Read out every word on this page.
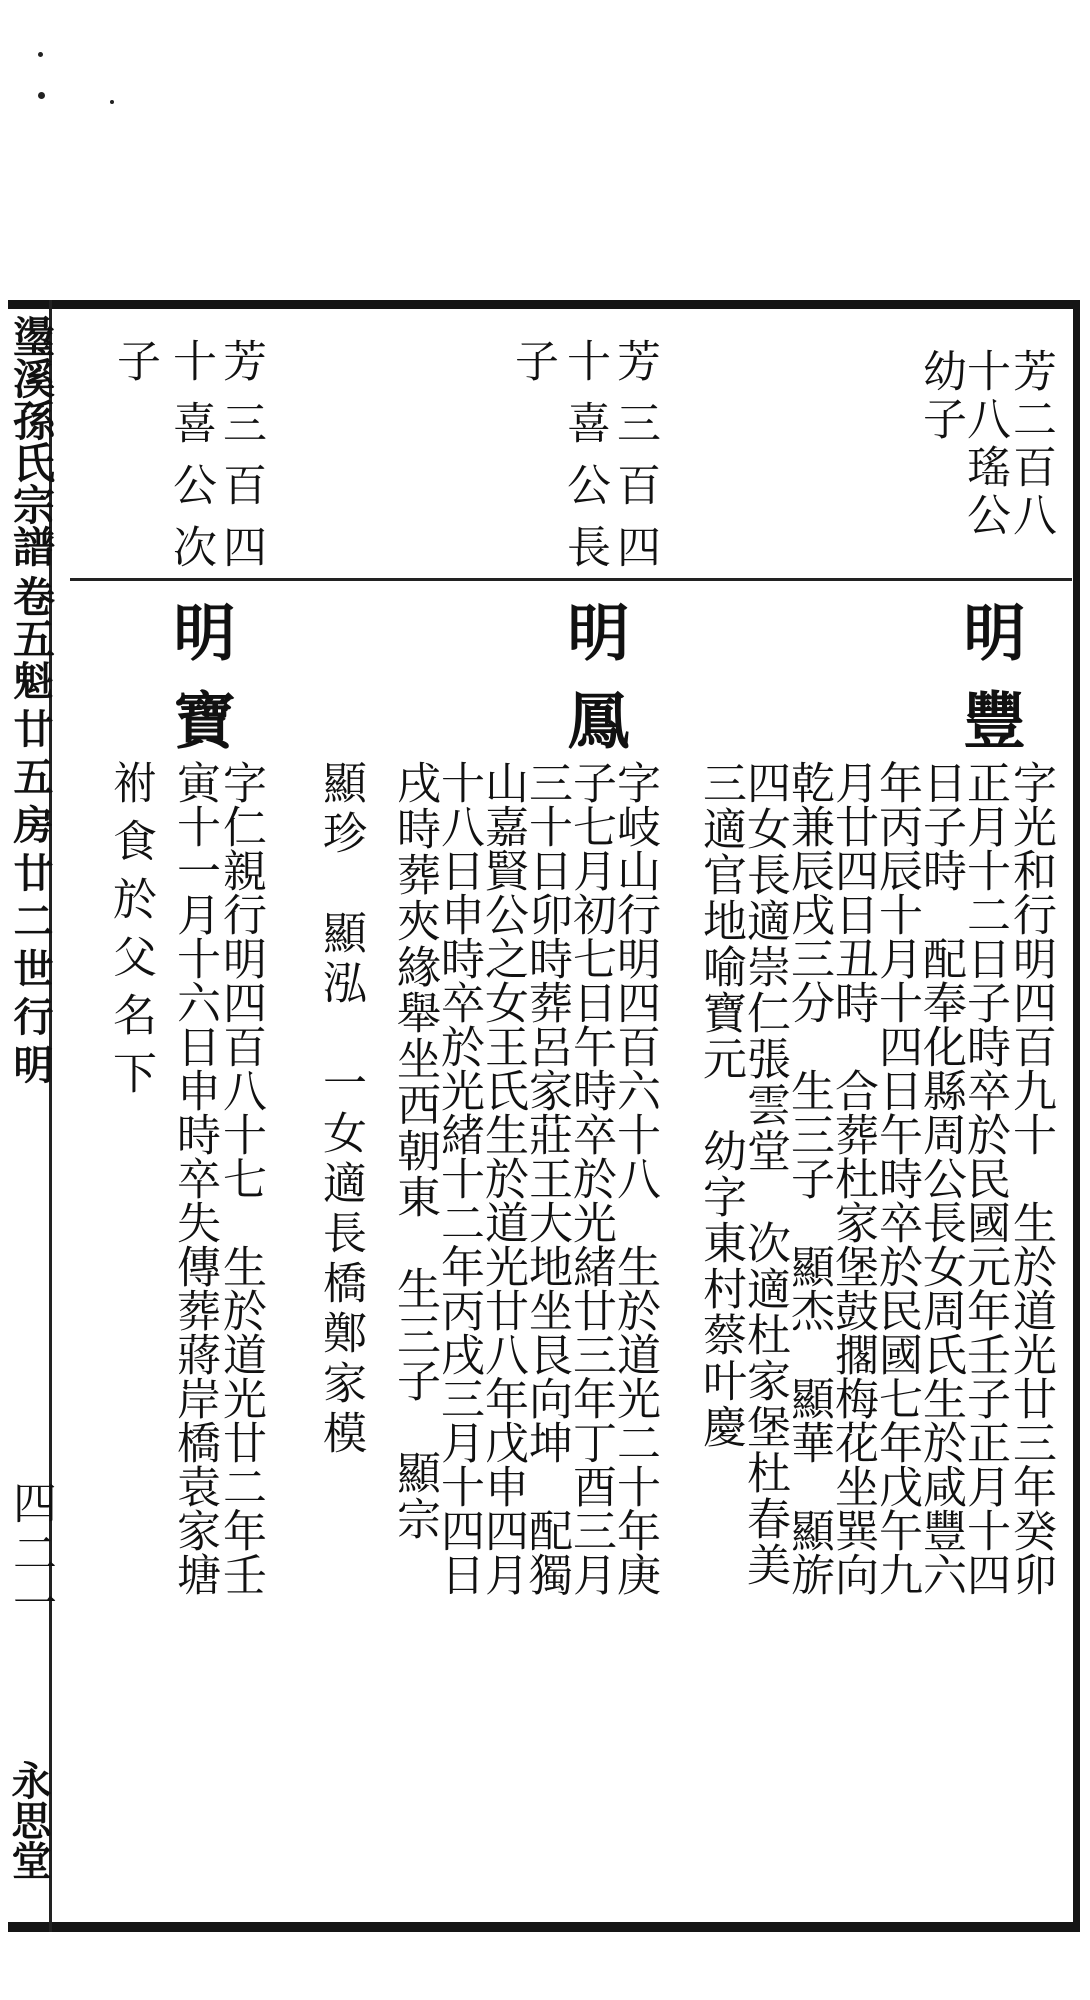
璗溪孫氏宗譜
卷五
魁廿五房廿二世行明
四二一
永思堂
芳二百八
十八瑤公
幼子
明豐
字光和行明四百九十　生於道光廿三年癸卯
正月十二日子時卒於民國元年壬子正月十四
日子時　配奉化縣周公長女周氏生於咸豐六
年丙辰十月十四日午時卒於民國七年戊午九
月廿四日丑時　合葬杜家堡鼓擱梅花坐巽向
乾兼辰戌三分　生三子　顯杰　顯華　顯旂
四女長適崇仁張雲堂　次適杜家堡杜春美
三適官地喻寶元　幼字東村蔡叶慶
芳三百四
十喜公長
子
明鳳
字岐山行明四百六十八　生於道光二十年庚
子七月初七日午時卒於光緒廿三年丁酉三月
三十日卯時葬呂家莊王大地坐艮向坤　配獨
山嘉賢公之女王氏生於道光廿八年戊申四月
十八日申時卒於光緒十二年丙戌三月十四日
戌時葬夾緣舉坐西朝東　生三子　顯宗
顯珍　顯泓　一女適長橋鄭家模
芳三百四
十喜公次
子
明寶
字仁親行明四百八十七　生於道光廿二年壬
寅十一月十六日申時卒失傳葬蔣岸橋袁家塘
祔食於父名下
